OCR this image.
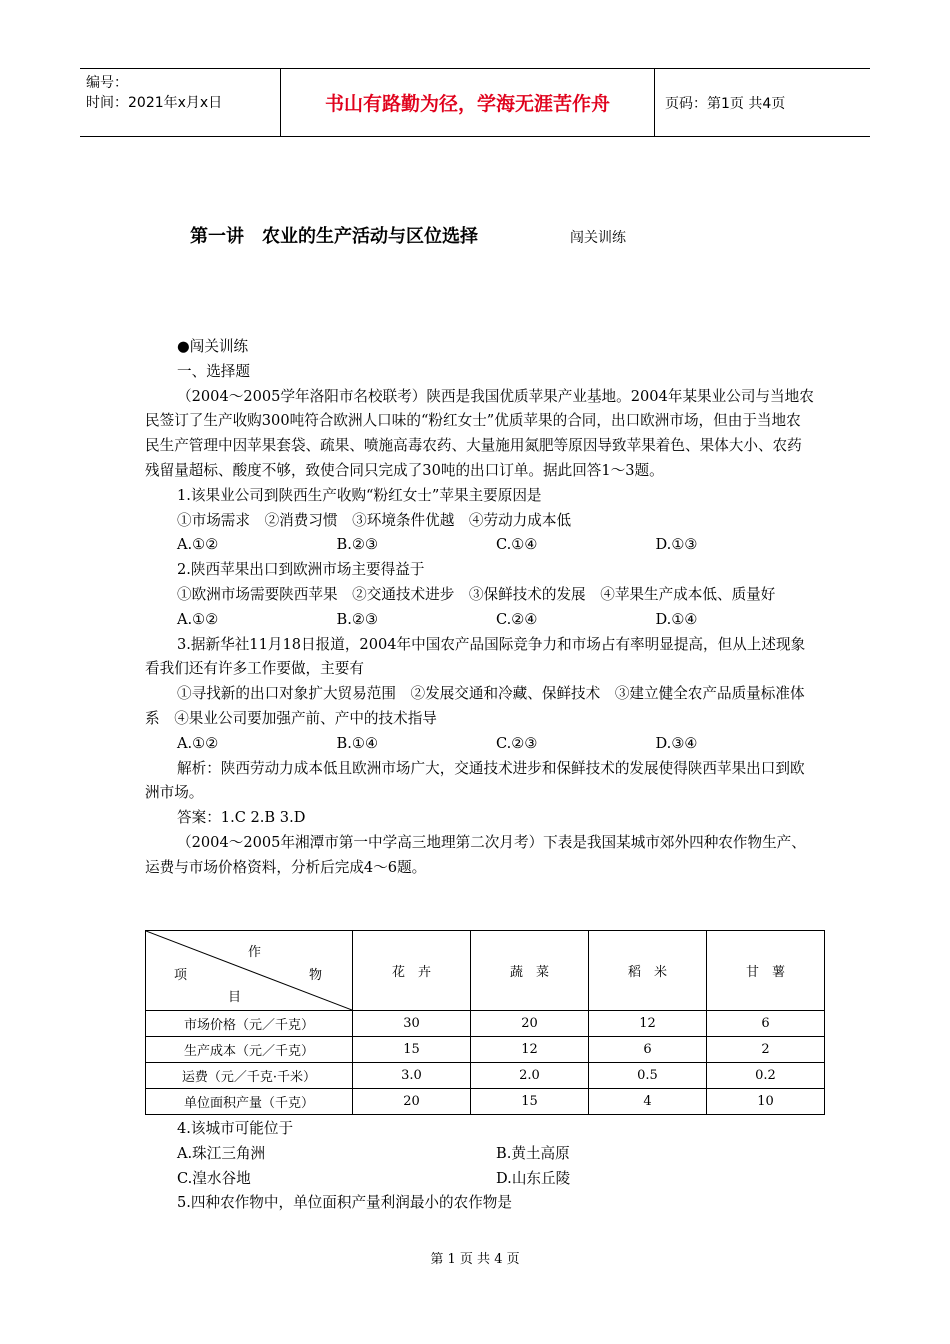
编号：
时间：2021年x月x日	书山有路勤为径，学海无涯苦作舟	页码：第1页 共4页
第一讲　农业的生产活动与区位选择	闯关训练

●闯关训练

一、选择题

（2004～2005学年洛阳市名校联考）陕西是我国优质苹果产业基地。2004年某果业公司与当地农民签订了生产收购300吨符合欧洲人口味的“粉红女士”优质苹果的合同，出口欧洲市场，但由于当地农民生产管理中因苹果套袋、疏果、喷施高毒农药、大量施用氮肥等原因导致苹果着色、果体大小、农药残留量超标、酸度不够，致使合同只完成了30吨的出口订单。据此回答1～3题。

1.该果业公司到陕西生产收购“粉红女士”苹果主要原因是

①市场需求　②消费习惯　③环境条件优越　④劳动力成本低

A.①②	B.②③	C.①④	D.①③

2.陕西苹果出口到欧洲市场主要得益于

①欧洲市场需要陕西苹果　②交通技术进步　③保鲜技术的发展　④苹果生产成本低、质量好

A.①②	B.②③	C.②④	D.①④

3.据新华社11月18日报道，2004年中国农产品国际竞争力和市场占有率明显提高，但从上述现象看我们还有许多工作要做，主要有

①寻找新的出口对象扩大贸易范围　②发展交通和冷藏、保鲜技术　③建立健全农产品质量标准体系　④果业公司要加强产前、产中的技术指导

A.①②	B.①④	C.②③	D.③④

解析：陕西劳动力成本低且欧洲市场广大，交通技术进步和保鲜技术的发展使得陕西苹果出口到欧洲市场。

答案：1.C 2.B 3.D

（2004～2005年湘潭市第一中学高三地理第二次月考）下表是我国某城市郊外四种农作物生产、运费与市场价格资料，分析后完成4～6题。

作
项 物
目	花　卉	蔬　菜	稻　米	甘　薯
市场价格（元／千克）	30	20	12	6
生产成本（元／千克）	15	12	6	2
运费（元／千克·千米）	3.0	2.0	0.5	0.2
单位面积产量（千克）	20	15	4	10

4.该城市可能位于

A.珠江三角洲	B.黄土高原
C.湟水谷地	D.山东丘陵

5.四种农作物中，单位面积产量利润最小的农作物是

第 1 页 共 4 页
